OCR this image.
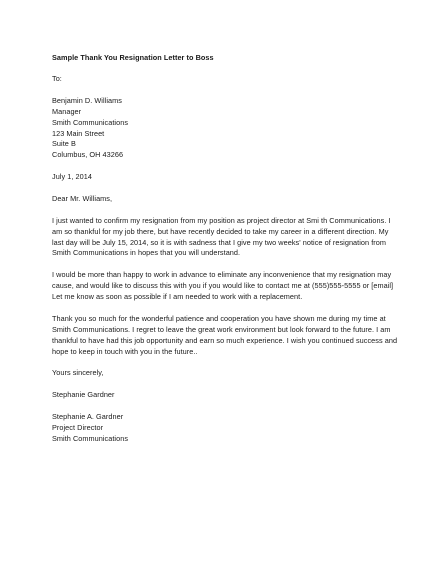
Sample Thank You Resignation Letter to Boss
To:
Benjamin D. Williams
Manager
Smith Communications
123 Main Street
Suite B
Columbus, OH 43266
July 1, 2014
Dear Mr. Williams,
I just wanted to confirm my resignation from my position as project director at Smi th Communications. I
am so thankful for my job there, but have recently decided to take my career in a different direction. My
last day will be July 15, 2014, so it is with sadness that I give my two weeks' notice of resignation from
Smith Communications in hopes that you will understand.
I would be more than happy to work in advance to eliminate any inconvenience that my resignation may
cause, and would like to discuss this with you if you would like to contact me at (555)555-5555 or [email]
Let me know as soon as possible if I am needed to work with a replacement.
Thank you so much for the wonderful patience and cooperation you have shown me during my time at
Smith Communications. I regret to leave the great work environment but look forward to the future. I am
thankful to have had this job opportunity and earn so much experience. I wish you continued success and
hope to keep in touch with you in the future..
Yours sincerely,
Stephanie Gardner
Stephanie A. Gardner
Project Director
Smith Communications
